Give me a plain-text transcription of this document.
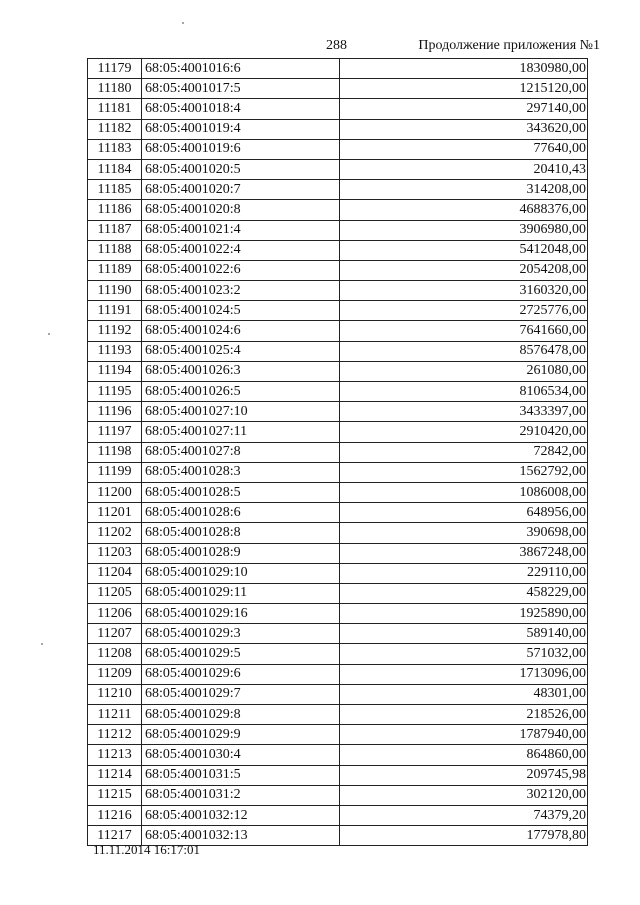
288	Продолжение приложения №1
11179	68:05:4001016:6	1830980,00
11180	68:05:4001017:5	1215120,00
11181	68:05:4001018:4	297140,00
11182	68:05:4001019:4	343620,00
11183	68:05:4001019:6	77640,00
11184	68:05:4001020:5	20410,43
11185	68:05:4001020:7	314208,00
11186	68:05:4001020:8	4688376,00
11187	68:05:4001021:4	3906980,00
11188	68:05:4001022:4	5412048,00
11189	68:05:4001022:6	2054208,00
11190	68:05:4001023:2	3160320,00
11191	68:05:4001024:5	2725776,00
11192	68:05:4001024:6	7641660,00
11193	68:05:4001025:4	8576478,00
11194	68:05:4001026:3	261080,00
11195	68:05:4001026:5	8106534,00
11196	68:05:4001027:10	3433397,00
11197	68:05:4001027:11	2910420,00
11198	68:05:4001027:8	72842,00
11199	68:05:4001028:3	1562792,00
11200	68:05:4001028:5	1086008,00
11201	68:05:4001028:6	648956,00
11202	68:05:4001028:8	390698,00
11203	68:05:4001028:9	3867248,00
11204	68:05:4001029:10	229110,00
11205	68:05:4001029:11	458229,00
11206	68:05:4001029:16	1925890,00
11207	68:05:4001029:3	589140,00
11208	68:05:4001029:5	571032,00
11209	68:05:4001029:6	1713096,00
11210	68:05:4001029:7	48301,00
11211	68:05:4001029:8	218526,00
11212	68:05:4001029:9	1787940,00
11213	68:05:4001030:4	864860,00
11214	68:05:4001031:5	209745,98
11215	68:05:4001031:2	302120,00
11216	68:05:4001032:12	74379,20
11217	68:05:4001032:13	177978,80
11.11.2014 16:17:01
